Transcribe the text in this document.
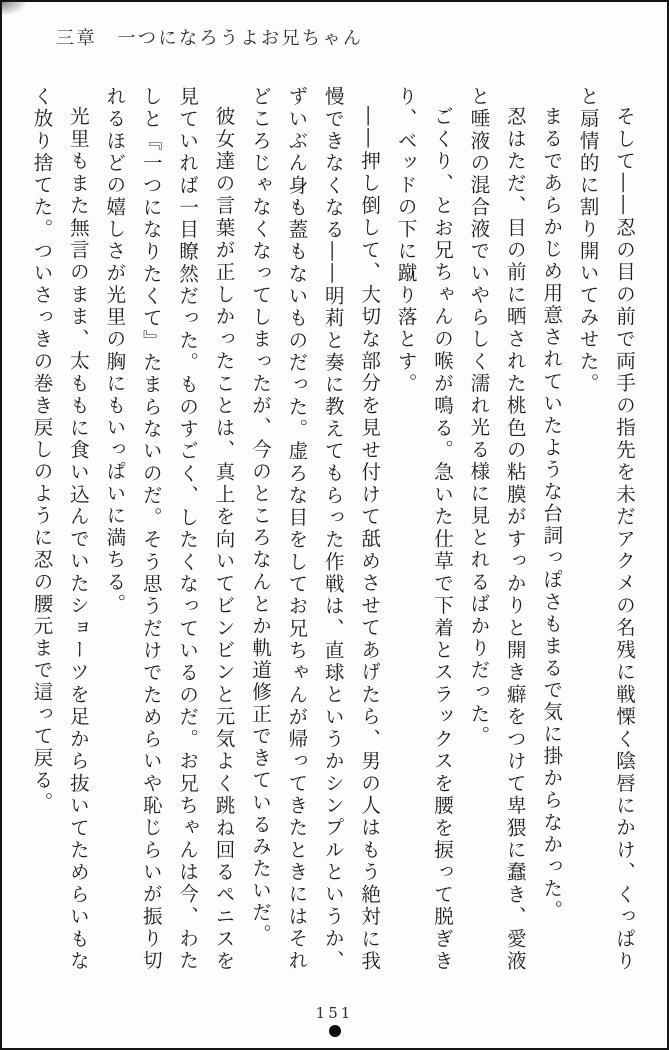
三章　一つになろうよお兄ちゃん

そして――忍の目の前で両手の指先を未だアクメの名残に戦慄く陰唇にかけ、くっぱりと扇情的に割り開いてみせた。

まるであらかじめ用意されていたような台詞っぽさもまるで気に掛からなかった。

忍はただ、目の前に晒された桃色の粘膜がすっかりと開き癖をつけて卑猥に蠢き、愛液と唾液の混合液でいやらしく濡れ光る様に見とれるばかりだった。

ごくり、とお兄ちゃんの喉が鳴る。急いた仕草で下着とスラックスを腰を捩って脱ぎきり、ベッドの下に蹴り落とす。

――押し倒して、大切な部分を見せ付けて舐めさせてあげたら、男の人はもう絶対に我慢できなくなる――明莉と奏に教えてもらった作戦は、直球というかシンプルというか、ずいぶん身も蓋もないものだった。虚ろな目をしてお兄ちゃんが帰ってきたときにはそれどころじゃなくなってしまったが、今のところなんとか軌道修正できているみたいだ。

彼女達の言葉が正しかったことは、真上を向いてビンビンと元気よく跳ね回るペニスを見ていれば一目瞭然だった。ものすごく、したくなっているのだ。お兄ちゃんは今、わたしと『一つになりたくて』たまらないのだ。そう思うだけでためらいや恥じらいが振り切れるほどの嬉しさが光里の胸にもいっぱいに満ちる。

光里もまた無言のまま、太ももに食い込んでいたショーツを足から抜いてためらいもなく放り捨てた。ついさっきの巻き戻しのように忍の腰元まで這って戻る。

151
